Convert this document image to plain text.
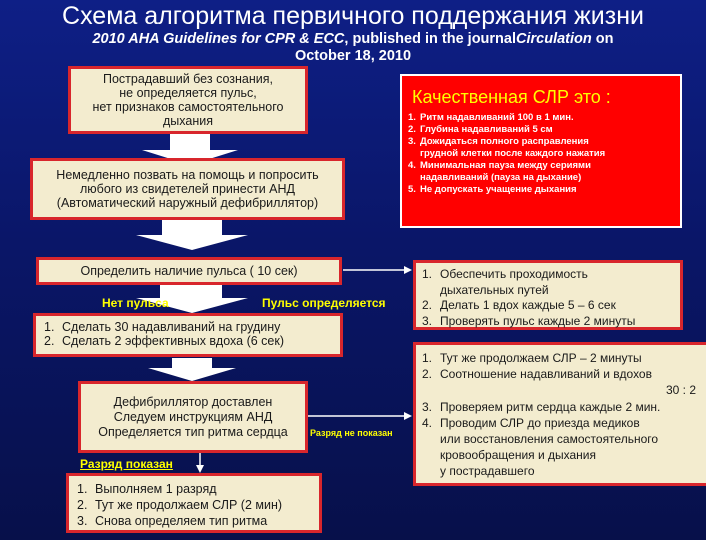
Схема алгоритма первичного поддержания жизни
2010 AHA Guidelines for CPR & ECC, published in the journalCirculation on
October 18, 2010
Пострадавший без сознания,
не определяется пульс,
нет признаков самостоятельного
дыхания
Немедленно позвать на помощь и попросить
любого из свидетелей принести АНД
(Автоматический наружный дефибриллятор)
Определить наличие пульса ( 10 сек)
Нет пульса	Пульс определяется
1. Сделать 30 надавливаний на грудину
2. Сделать 2 эффективных вдоха (6 сек)
Дефибриллятор доставлен
Следуем инструкциям АНД
Определяется тип ритма сердца	Разряд не показан
Разряд показан
1. Выполняем 1 разряд
2. Тут же продолжаем СЛР (2 мин)
3. Снова определяем тип ритма
Качественная СЛР это :
1. Ритм надавливаний 100 в 1 мин.
2. Глубина надавливаний 5 см
3. Дожидаться полного расправления
грудной клетки после каждого нажатия
4. Минимальная пауза между сериями
надавливаний (пауза на дыхание)
5. Не допускать учащение дыхания
1. Обеспечить проходимость
дыхательных путей
2. Делать 1 вдох каждые 5 – 6 сек
3. Проверять пульс каждые 2 минуты
1. Тут же продолжаем СЛР – 2 минуты
2. Соотношение надавливаний и вдохов
30 : 2
3. Проверяем ритм сердца каждые 2 мин.
4. Проводим СЛР до приезда медиков
или восстановления самостоятельного
кровообращения и дыхания
у пострадавшего
